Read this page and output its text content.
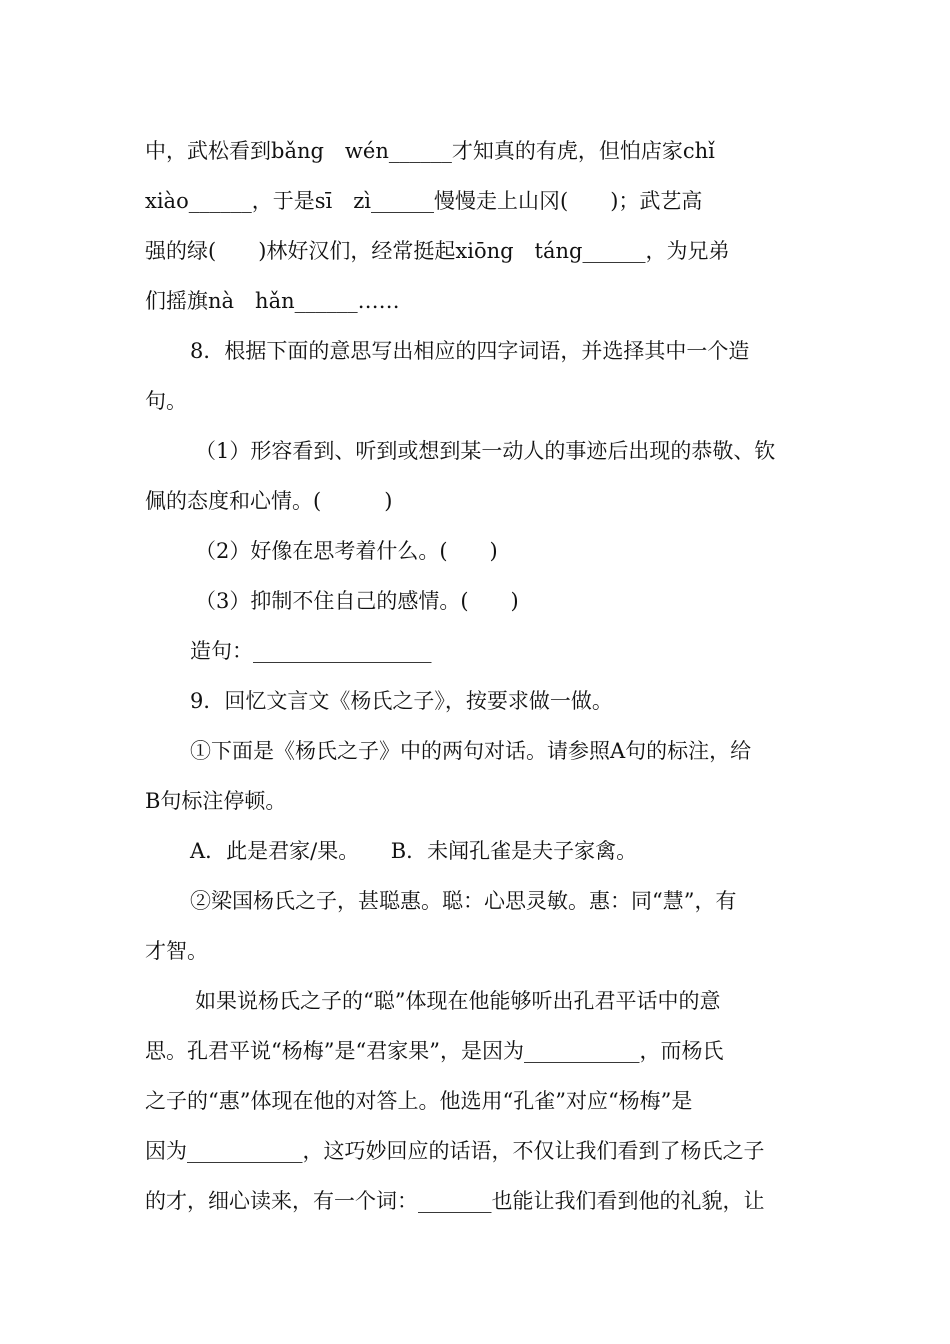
中，武松看到bǎng　wén______才知真的有虎，但怕店家chǐ
xiào______，于是sī　zì______慢慢走上山冈(　　)；武艺高
强的绿(　　)林好汉们，经常挺起xiōng　táng______，为兄弟
们摇旗nà　hǎn______……
8．根据下面的意思写出相应的四字词语，并选择其中一个造
句。
（1）形容看到、听到或想到某一动人的事迹后出现的恭敬、钦
佩的态度和心情。(　　　)
（2）好像在思考着什么。(　　)
（3）抑制不住自己的感情。(　　)
造句：_________________
9．回忆文言文《杨氏之子》，按要求做一做。
①下面是《杨氏之子》中的两句对话。请参照A句的标注，给
B句标注停顿。
A．此是君家/果。　　B．未闻孔雀是夫子家禽。
②梁国杨氏之子，甚聪惠。聪：心思灵敏。惠：同“慧”，有
才智。
如果说杨氏之子的“聪”体现在他能够听出孔君平话中的意
思。孔君平说“杨梅”是“君家果”，是因为___________，而杨氏
之子的“惠”体现在他的对答上。他选用“孔雀”对应“杨梅”是
因为___________，这巧妙回应的话语，不仅让我们看到了杨氏之子
的才，细心读来，有一个词：_______也能让我们看到他的礼貌，让
